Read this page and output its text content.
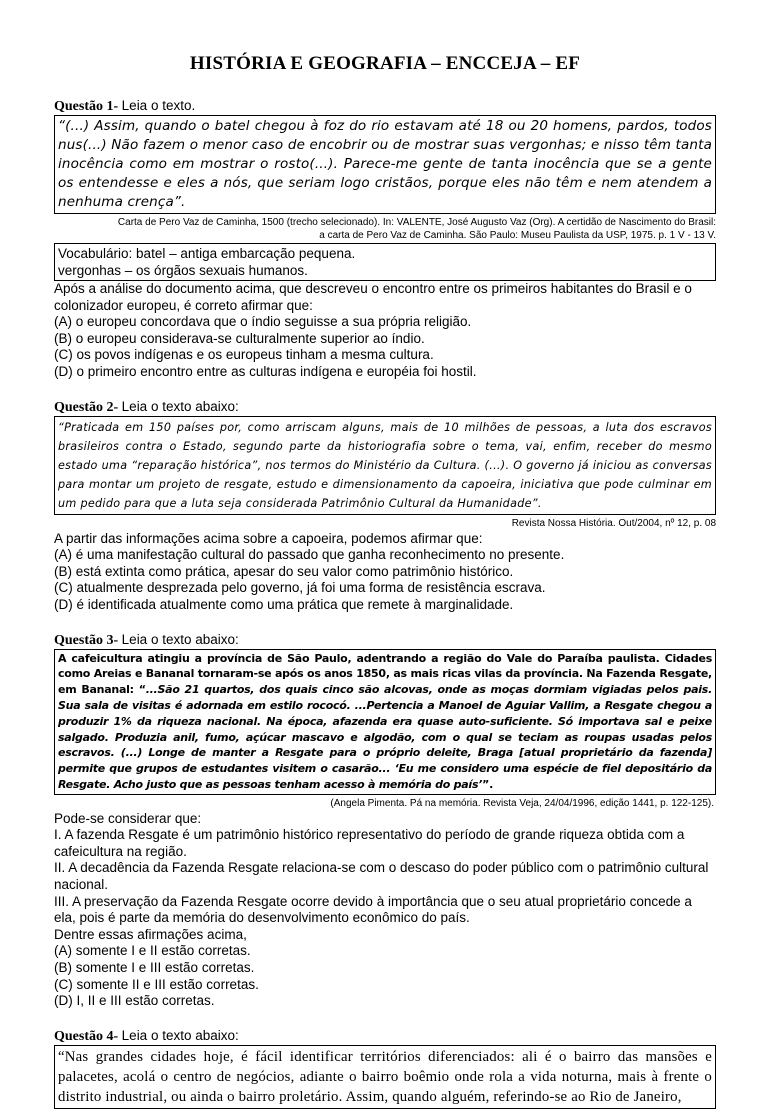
HISTÓRIA E GEOGRAFIA – ENCCEJA – EF

Questão 1- Leia o texto.

“(...) Assim, quando o batel chegou à foz do rio estavam até 18 ou 20 homens, pardos, todos nus(...) Não fazem o menor caso de encobrir ou de mostrar suas vergonhas; e nisso têm tanta inocência como em mostrar o rosto(...). Parece-me gente de tanta inocência que se a gente os entendesse e eles a nós, que seriam logo cristãos, porque eles não têm e nem atendem a nenhuma crença”.
Carta de Pero Vaz de Caminha, 1500 (trecho selecionado). In: VALENTE, José Augusto Vaz (Org). A certidão de Nascimento do Brasil:
a carta de Pero Vaz de Caminha. São Paulo: Museu Paulista da USP, 1975. p. 1 V - 13 V.
Vocabulário: batel – antiga embarcação pequena.
vergonhas – os órgãos sexuais humanos.

Após a análise do documento acima, que descreveu o encontro entre os primeiros habitantes do Brasil e o colonizador europeu, é correto afirmar que:

(A) o europeu concordava que o índio seguisse a sua própria religião.

(B) o europeu considerava-se culturalmente superior ao índio.

(C) os povos indígenas e os europeus tinham a mesma cultura.

(D) o primeiro encontro entre as culturas indígena e européia foi hostil.

Questão 2- Leia o texto abaixo:

“Praticada em 150 países por, como arriscam alguns, mais de 10 milhões de pessoas, a luta dos escravos brasileiros contra o Estado, segundo parte da historiografia sobre o tema, vai, enfim, receber do mesmo estado uma “reparação histórica”, nos termos do Ministério da Cultura. (...). O governo já iniciou as conversas para montar um projeto de resgate, estudo e dimensionamento da capoeira, iniciativa que pode culminar em um pedido para que a luta seja considerada Patrimônio Cultural da Humanidade”.
Revista Nossa História. Out/2004, nº 12, p. 08

A partir das informações acima sobre a capoeira, podemos afirmar que:

(A) é uma manifestação cultural do passado que ganha reconhecimento no presente.

(B) está extinta como prática, apesar do seu valor como patrimônio histórico.

(C) atualmente desprezada pelo governo, já foi uma forma de resistência escrava.

(D) é identificada atualmente como uma prática que remete à marginalidade.

Questão 3- Leia o texto abaixo:

A cafeicultura atingiu a província de São Paulo, adentrando a região do Vale do Paraíba paulista. Cidades como Areias e Bananal tornaram-se após os anos 1850, as mais ricas vilas da província. Na Fazenda Resgate, em Bananal: “...São 21 quartos, dos quais cinco são alcovas, onde as moças dormiam vigiadas pelos pais. Sua sala de visitas é adornada em estilo rococó. ...Pertencia a Manoel de Aguiar Vallim, a Resgate chegou a produzir 1% da riqueza nacional. Na época, afazenda era quase auto-suficiente. Só importava sal e peixe salgado. Produzia anil, fumo, açúcar mascavo e algodão, com o qual se teciam as roupas usadas pelos escravos. (...) Longe de manter a Resgate para o próprio deleite, Braga [atual proprietário da fazenda] permite que grupos de estudantes visitem o casarão... ‘Eu me considero uma espécie de fiel depositário da Resgate. Acho justo que as pessoas tenham acesso à memória do país’”.
(Angela Pimenta. Pá na memória. Revista Veja, 24/04/1996, edição 1441, p. 122-125).

Pode-se considerar que:

I. A fazenda Resgate é um patrimônio histórico representativo do período de grande riqueza obtida com a cafeicultura na região.

II. A decadência da Fazenda Resgate relaciona-se com o descaso do poder público com o patrimônio cultural

nacional.

III. A preservação da Fazenda Resgate ocorre devido à importância que o seu atual proprietário concede a ela, pois é parte da memória do desenvolvimento econômico do país.

Dentre essas afirmações acima,

(A) somente I e II estão corretas.

(B) somente I e III estão corretas.

(C) somente II e III estão corretas.

(D) I, II e III estão corretas.

Questão 4- Leia o texto abaixo:

“Nas grandes cidades hoje, é fácil identificar territórios diferenciados: ali é o bairro das mansões e palacetes, acolá o centro de negócios, adiante o bairro boêmio onde rola a vida noturna, mais à frente o distrito industrial, ou ainda o bairro proletário. Assim, quando alguém, referindo-se ao Rio de Janeiro,
